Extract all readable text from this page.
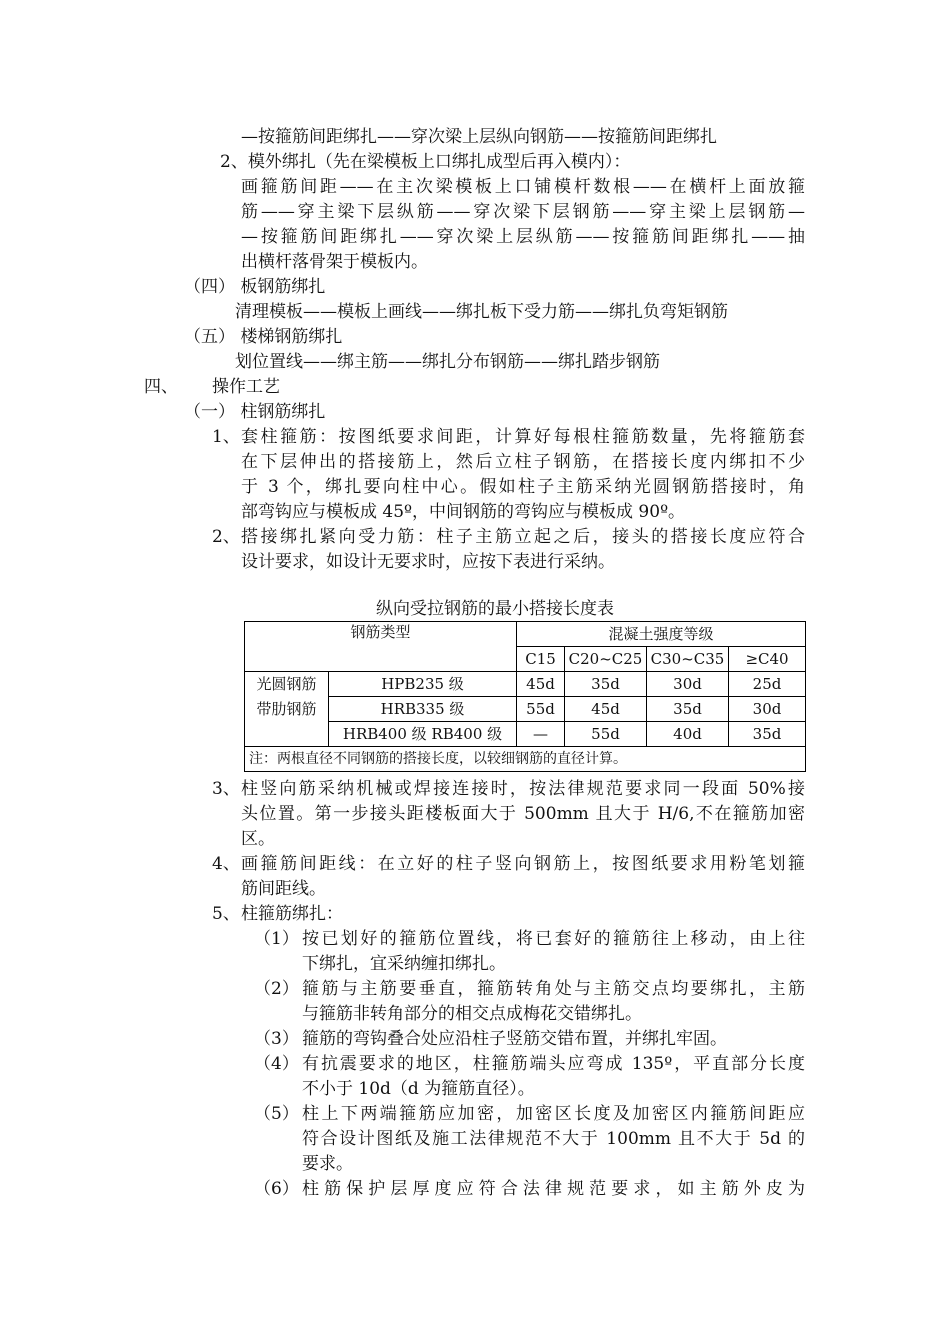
—按箍筋间距绑扎——穿次梁上层纵向钢筋——按箍筋间距绑扎
2、模外绑扎（先在梁模板上口绑扎成型后再入模内）：
画箍筋间距——在主次梁模板上口铺模杆数根——在横杆上面放箍
筋——穿主梁下层纵筋——穿次梁下层钢筋——穿主梁上层钢筋—
—按箍筋间距绑扎——穿次梁上层纵筋——按箍筋间距绑扎——抽
出横杆落骨架于模板内。
（四） 板钢筋绑扎
清理模板——模板上画线——绑扎板下受力筋——绑扎负弯矩钢筋
（五） 楼梯钢筋绑扎
划位置线——绑主筋——绑扎分布钢筋——绑扎踏步钢筋
四、 操作工艺
（一） 柱钢筋绑扎
1、 套柱箍筋：按图纸要求间距，计算好每根柱箍筋数量，先将箍筋套
在下层伸出的搭接筋上，然后立柱子钢筋，在搭接长度内绑扣不少
于 3 个，绑扎要向柱中心。假如柱子主筋采纳光圆钢筋搭接时，角
部弯钩应与模板成 45º，中间钢筋的弯钩应与模板成 90º。
2、 搭接绑扎紧向受力筋：柱子主筋立起之后，接头的搭接长度应符合
设计要求，如设计无要求时，应按下表进行采纳。
纵向受拉钢筋的最小搭接长度表
钢筋类型		混凝土强度等级			
		C15	C20~C25	C30~C35	≥C40
光圆钢筋	HPB235 级	45d	35d	30d	25d
带肋钢筋	HRB335 级	55d	45d	35d	30d
	HRB400 级 RB400 级	—	55d	40d	35d
注：两根直径不同钢筋的搭接长度，以较细钢筋的直径计算。					
3、 柱竖向筋采纳机械或焊接连接时，按法律规范要求同一段面 50%接
头位置。第一步接头距楼板面大于 500mm 且大于 H/6,不在箍筋加密
区。
4、 画箍筋间距线：在立好的柱子竖向钢筋上，按图纸要求用粉笔划箍
筋间距线。
5、 柱箍筋绑扎：
（1） 按已划好的箍筋位置线，将已套好的箍筋往上移动，由上往
下绑扎，宜采纳缠扣绑扎。
（2） 箍筋与主筋要垂直，箍筋转角处与主筋交点均要绑扎，主筋
与箍筋非转角部分的相交点成梅花交错绑扎。
（3） 箍筋的弯钩叠合处应沿柱子竖筋交错布置，并绑扎牢固。
（4） 有抗震要求的地区，柱箍筋端头应弯成 135º，平直部分长度
不小于 10d（d 为箍筋直径）。
（5） 柱上下两端箍筋应加密，加密区长度及加密区内箍筋间距应
符合设计图纸及施工法律规范不大于 100mm 且不大于 5d 的
要求。
（6） 柱筋保护层厚度应符合法律规范要求，如主筋外皮为
